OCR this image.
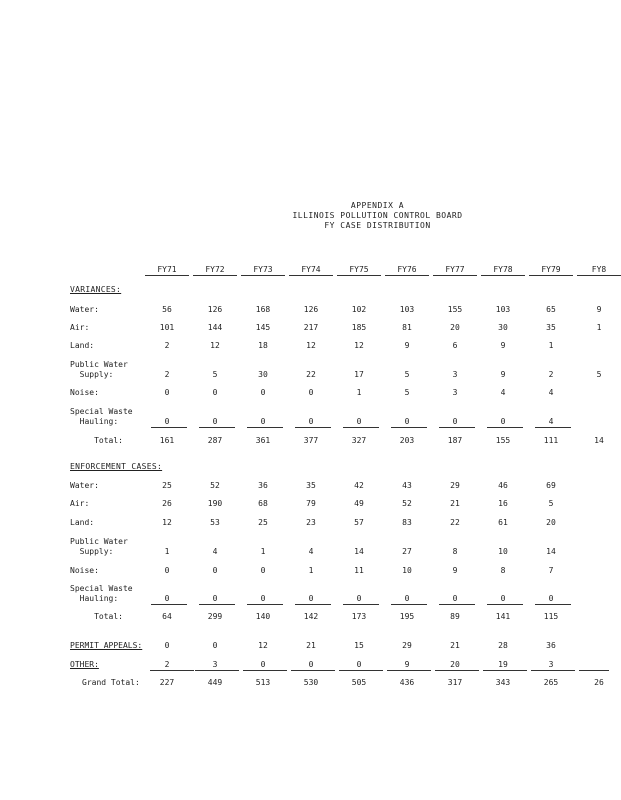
APPENDIX A
ILLINOIS POLLUTION CONTROL BOARD
FY CASE DISTRIBUTION
FY71	FY72	FY73	FY74	FY75	FY76	FY77	FY78	FY79	FY8
VARIANCES:
Water:	56	126	168	126	102	103	155	103	65	9
Air:	101	144	145	217	185	81	20	30	35	1
Land:	2	12	18	12	12	9	6	9	1
Public Water
Supply:	2	5	30	22	17	5	3	9	2	5
Noise:	0	0	0	0	1	5	3	4	4
Special Waste
Hauling:	0	0	0	0	0	0	0	0	4
Total:	161	287	361	377	327	203	187	155	111	14
ENFORCEMENT CASES:
Water:	25	52	36	35	42	43	29	46	69
Air:	26	190	68	79	49	52	21	16	5
Land:	12	53	25	23	57	83	22	61	20
Public Water
Supply:	1	4	1	4	14	27	8	10	14
Noise:	0	0	0	1	11	10	9	8	7
Special Waste
Hauling:	0	0	0	0	0	0	0	0	0
Total:	64	299	140	142	173	195	89	141	115
PERMIT APPEALS:	0	0	12	21	15	29	21	28	36
OTHER:	2	3	0	0	0	9	20	19	3
Grand Total:	227	449	513	530	505	436	317	343	265	26
